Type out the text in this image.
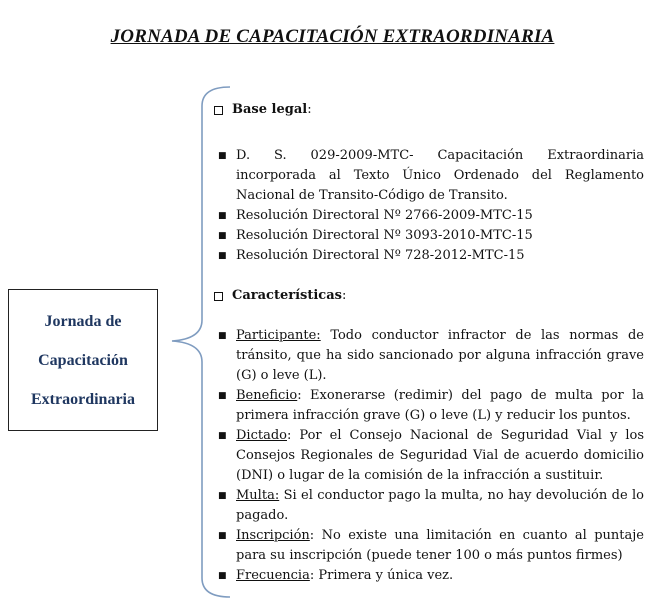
JORNADA DE CAPACITACIÓN EXTRAORDINARIA
Jornada de
Capacitación
Extraordinaria
Base legal:
■ D. S. 029-2009-MTC- Capacitación Extraordinaria incorporada al Texto Único Ordenado del Reglamento Nacional de Transito-Código de Transito.
■ Resolución Directoral Nº 2766-2009-MTC-15
■ Resolución Directoral Nº 3093-2010-MTC-15
■ Resolución Directoral Nº 728-2012-MTC-15
Características:
■ Participante: Todo conductor infractor de las normas de tránsito, que ha sido sancionado por alguna infracción grave (G) o leve (L).
■ Beneficio: Exonerarse (redimir) del pago de multa por la primera infracción grave (G) o leve (L) y reducir los puntos.
■ Dictado: Por el Consejo Nacional de Seguridad Vial y los Consejos Regionales de Seguridad Vial de acuerdo domicilio (DNI) o lugar de la comisión de la infracción a sustituir.
■ Multa: Si el conductor pago la multa, no hay devolución de lo pagado.
■ Inscripción: No existe una limitación en cuanto al puntaje para su inscripción (puede tener 100 o más puntos firmes)
■ Frecuencia: Primera y única vez.
